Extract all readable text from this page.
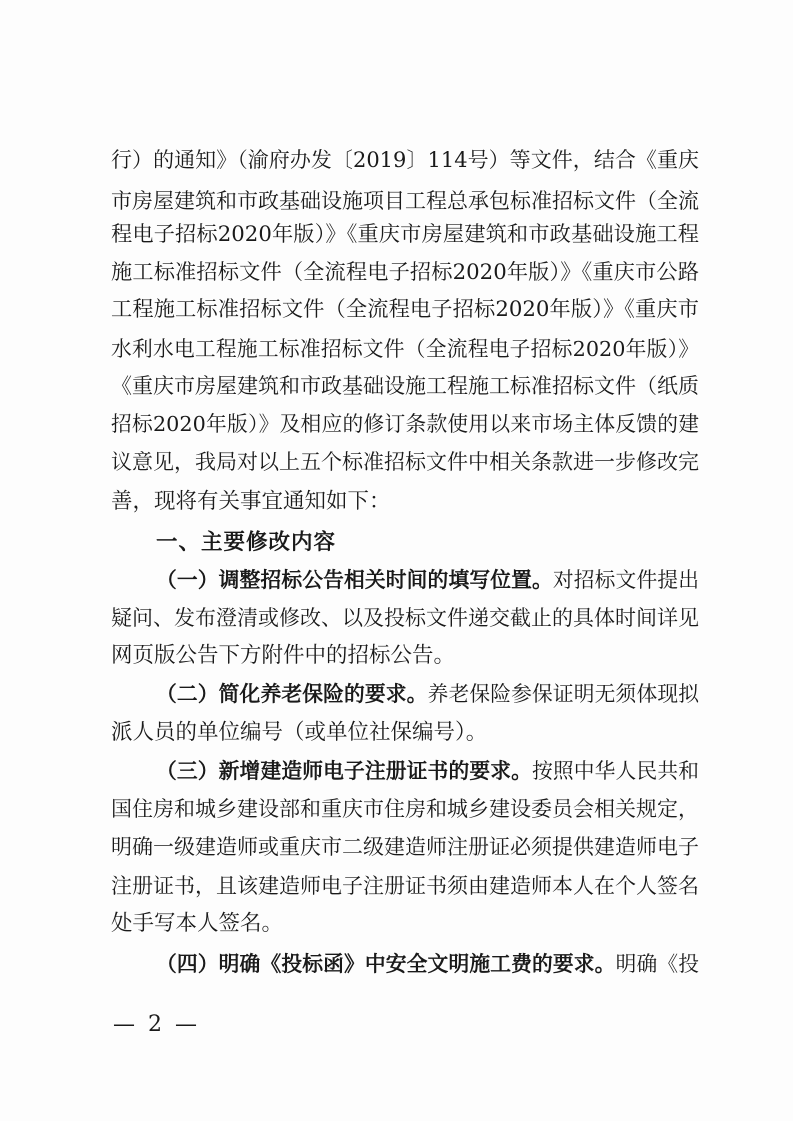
行）的通知》（渝府办发〔2019〕114号）等文件，结合《重庆
市房屋建筑和市政基础设施项目工程总承包标准招标文件（全流
程电子招标2020年版）》《重庆市房屋建筑和市政基础设施工程
施工标准招标文件（全流程电子招标2020年版）》《重庆市公路
工程施工标准招标文件（全流程电子招标2020年版）》《重庆市
水利水电工程施工标准招标文件（全流程电子招标2020年版）》
《重庆市房屋建筑和市政基础设施工程施工标准招标文件（纸质
招标2020年版）》及相应的修订条款使用以来市场主体反馈的建
议意见，我局对以上五个标准招标文件中相关条款进一步修改完
善，现将有关事宜通知如下：
一、主要修改内容
（一）调整招标公告相关时间的填写位置。对招标文件提出
疑问、发布澄清或修改、以及投标文件递交截止的具体时间详见
网页版公告下方附件中的招标公告。
（二）简化养老保险的要求。养老保险参保证明无须体现拟
派人员的单位编号（或单位社保编号）。
（三）新增建造师电子注册证书的要求。按照中华人民共和
国住房和城乡建设部和重庆市住房和城乡建设委员会相关规定，
明确一级建造师或重庆市二级建造师注册证必须提供建造师电子
注册证书，且该建造师电子注册证书须由建造师本人在个人签名
处手写本人签名。
（四）明确《投标函》中安全文明施工费的要求。明确《投
— 2 —
